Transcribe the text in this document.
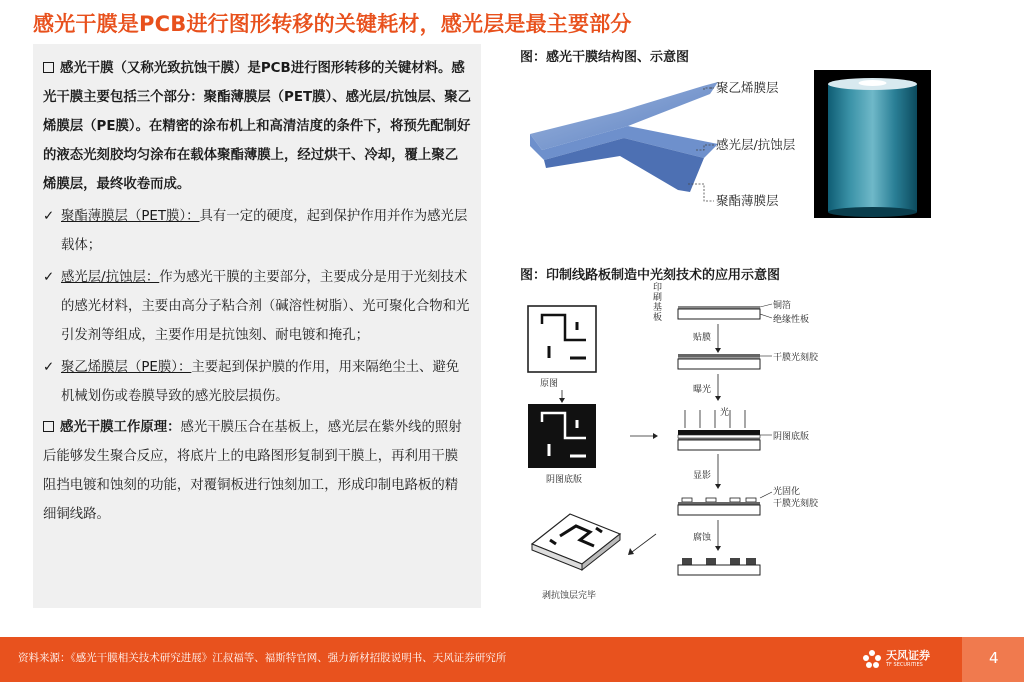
感光干膜是PCB进行图形转移的关键耗材，感光层是最主要部分
感光干膜（又称光致抗蚀干膜）是PCB进行图形转移的关键材料。感光干膜主要包括三个部分：聚酯薄膜层（PET膜）、感光层/抗蚀层、聚乙烯膜层（PE膜）。在精密的涂布机上和高清洁度的条件下，将预先配制好的液态光刻胶均匀涂布在载体聚酯薄膜上，经过烘干、冷却，覆上聚乙烯膜层，最终收卷而成。
✓ 聚酯薄膜层（PET膜）：具有一定的硬度，起到保护作用并作为感光层载体；
✓ 感光层/抗蚀层：作为感光干膜的主要部分，主要成分是用于光刻技术的感光材料，主要由高分子粘合剂（碱溶性树脂）、光可聚化合物和光引发剂等组成，主要作用是抗蚀刻、耐电镀和掩孔；
✓ 聚乙烯膜层（PE膜）：主要起到保护膜的作用，用来隔绝尘土、避免机械划伤或卷膜导致的感光胶层损伤。
感光干膜工作原理：感光干膜压合在基板上，感光层在紫外线的照射后能够发生聚合反应，将底片上的电路图形复制到干膜上，再利用干膜阻挡电镀和蚀刻的功能，对覆铜板进行蚀刻加工，形成印制电路板的精细铜线路。
图：感光干膜结构图、示意图
聚乙烯膜层
感光层/抗蚀层
聚酯薄膜层
图：印制线路板制造中光刻技术的应用示意图
原图
阴图底版
剥抗蚀层完毕
印
刷
基
板
铜箔
绝缘性板
贴膜
干膜光刻胶
曝光
光
阴图底版
显影
光固化
干膜光刻胶
腐蚀
资料来源：《感光干膜相关技术研究进展》江叔福等、福斯特官网、强力新材招股说明书、天风证券研究所	天风证券
TF SECURITIES	4
